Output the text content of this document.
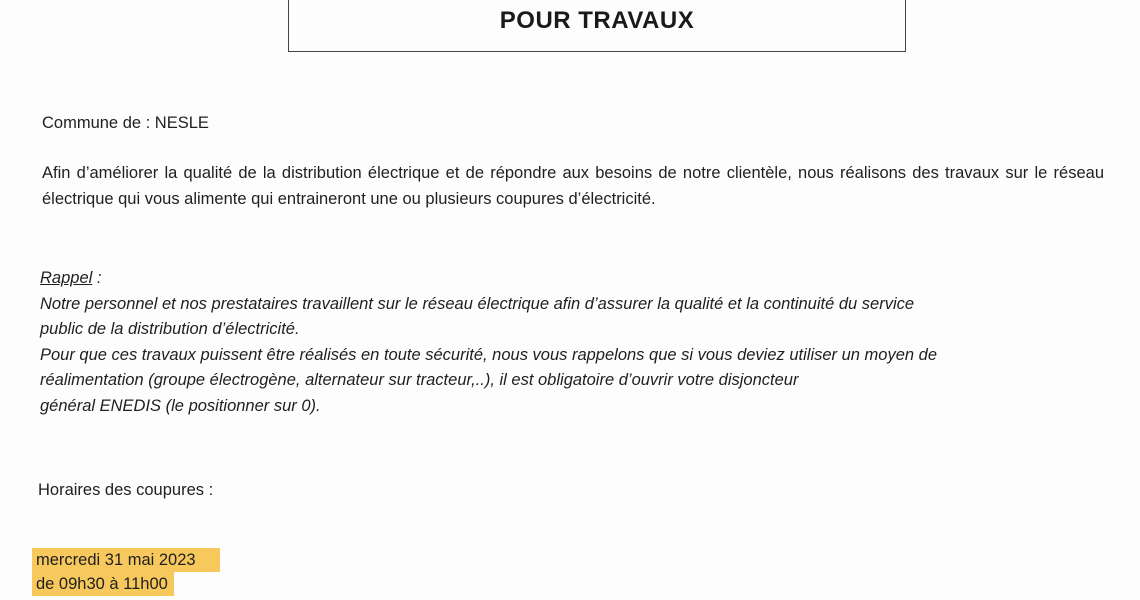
POUR TRAVAUX
Commune de : NESLE
Afin d’améliorer la qualité de la distribution électrique et de répondre aux besoins de notre clientèle, nous réalisons des travaux sur le réseau électrique qui vous alimente qui entraineront une ou plusieurs coupures d’électricité.
Rappel :
Notre personnel et nos prestataires travaillent sur le réseau électrique afin d’assurer la qualité et la continuité du service
public de la distribution d’électricité.
Pour que ces travaux puissent être réalisés en toute sécurité, nous vous rappelons que si vous deviez utiliser un moyen de
réalimentation (groupe électrogène, alternateur sur tracteur,..), il est obligatoire d’ouvrir votre disjoncteur
général ENEDIS (le positionner sur 0).
Horaires des coupures :
mercredi 31 mai 2023
de 09h30 à 11h00
